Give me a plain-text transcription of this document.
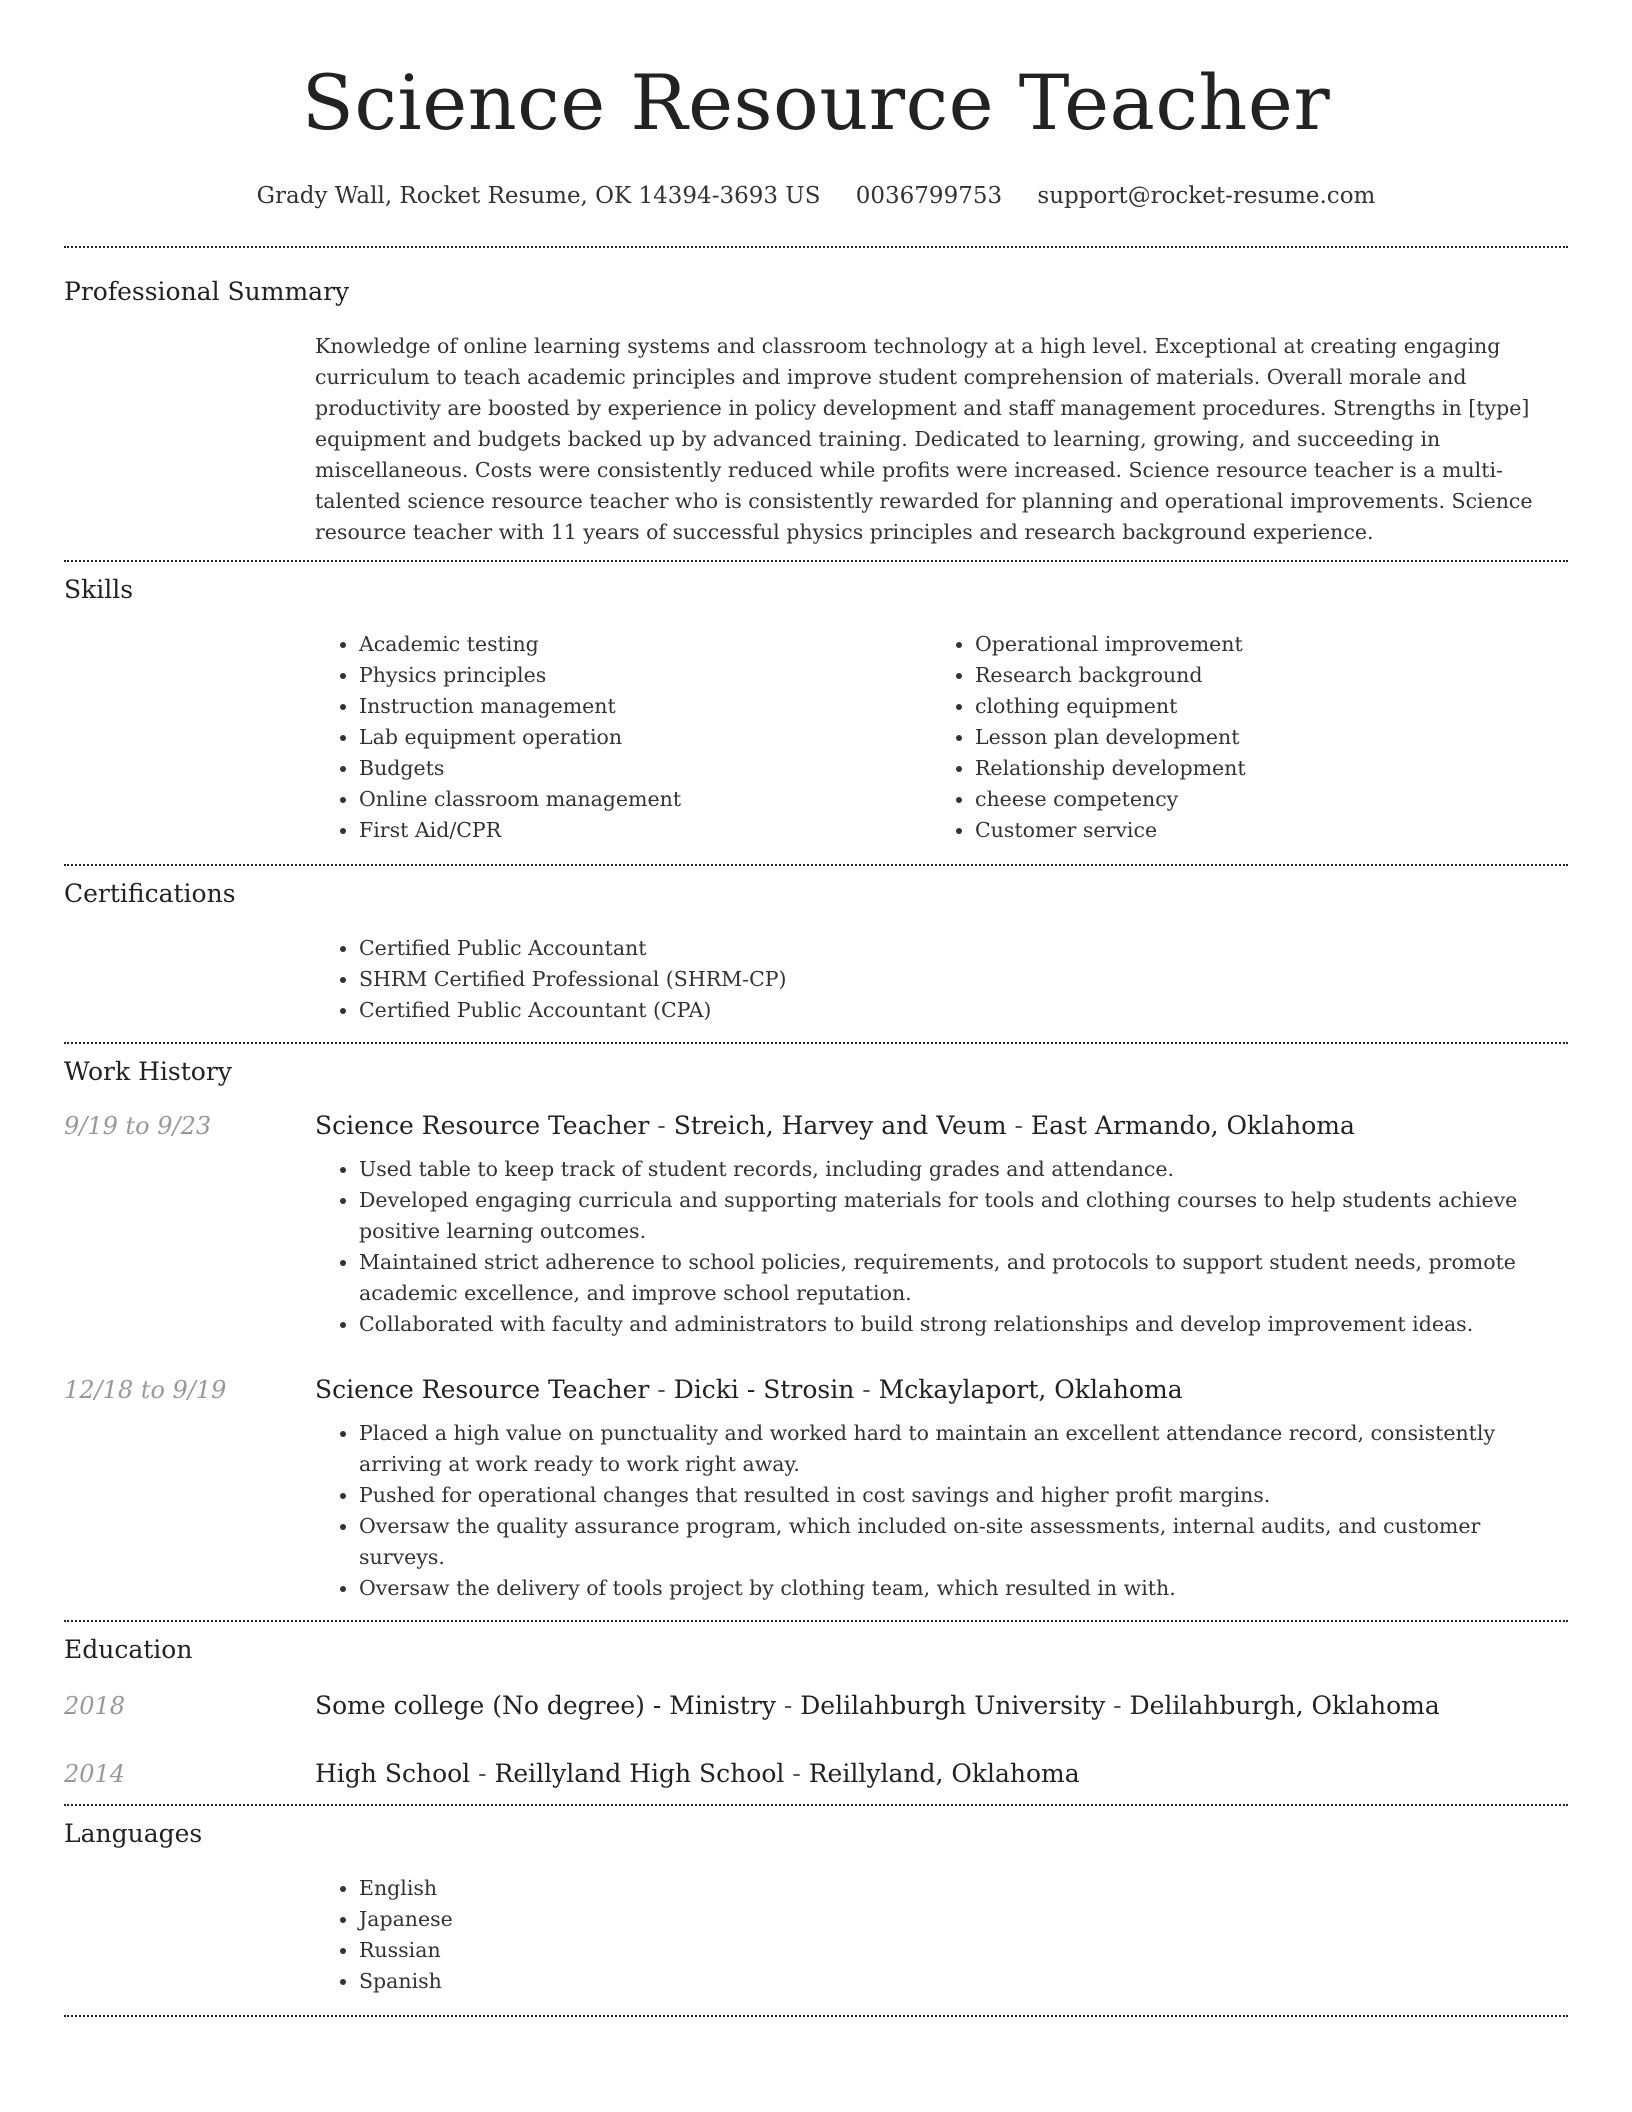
Science Resource Teacher
Grady Wall, Rocket Resume, OK 14394-3693 US 0036799753 support@rocket-resume.com
Professional Summary

Knowledge of online learning systems and classroom technology at a high level. Exceptional at creating engaging curriculum to teach academic principles and improve student comprehension of materials. Overall morale and productivity are boosted by experience in policy development and staff management procedures. Strengths in [type] equipment and budgets backed up by advanced training. Dedicated to learning, growing, and succeeding in miscellaneous. Costs were consistently reduced while profits were increased. Science resource teacher is a multi-talented science resource teacher who is consistently rewarded for planning and operational improvements. Science resource teacher with 11 years of successful physics principles and research background experience.

Skills
• Academic testing
• Physics principles
• Instruction management
• Lab equipment operation
• Budgets
• Online classroom management
• First Aid/CPR
• Operational improvement
• Research background
• clothing equipment
• Lesson plan development
• Relationship development
• cheese competency
• Customer service
Certifications
• Certified Public Accountant
• SHRM Certified Professional (SHRM-CP)
• Certified Public Accountant (CPA)
Work History
9/19 to 9/23	Science Resource Teacher - Streich, Harvey and Veum - East Armando, Oklahoma
• Used table to keep track of student records, including grades and attendance.
• Developed engaging curricula and supporting materials for tools and clothing courses to help students achieve positive learning outcomes.
• Maintained strict adherence to school policies, requirements, and protocols to support student needs, promote academic excellence, and improve school reputation.
• Collaborated with faculty and administrators to build strong relationships and develop improvement ideas.
12/18 to 9/19	Science Resource Teacher - Dicki - Strosin - Mckaylaport, Oklahoma
• Placed a high value on punctuality and worked hard to maintain an excellent attendance record, consistently arriving at work ready to work right away.
• Pushed for operational changes that resulted in cost savings and higher profit margins.
• Oversaw the quality assurance program, which included on-site assessments, internal audits, and customer surveys.
• Oversaw the delivery of tools project by clothing team, which resulted in with.
Education
2018	Some college (No degree) - Ministry - Delilahburgh University - Delilahburgh, Oklahoma
2014	High School - Reillyland High School - Reillyland, Oklahoma
Languages
• English
• Japanese
• Russian
• Spanish
